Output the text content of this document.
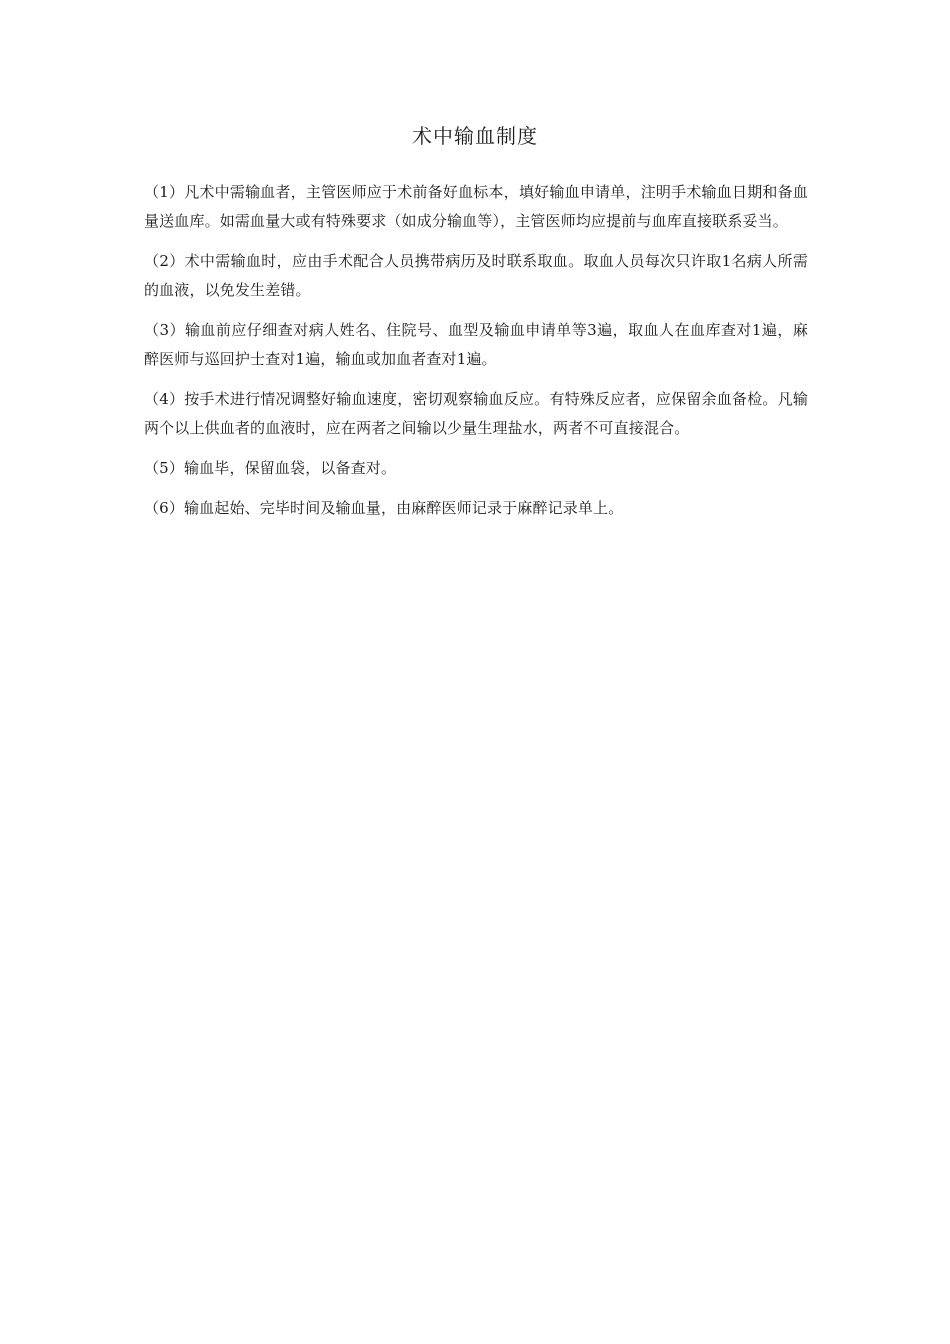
术中输血制度

（1）凡术中需输血者，主管医师应于术前备好血标本，填好输血申请单，注明手术输血日期和备血量送血库。如需血量大或有特殊要求（如成分输血等），主管医师均应提前与血库直接联系妥当。

（2）术中需输血时，应由手术配合人员携带病历及时联系取血。取血人员每次只许取1名病人所需的血液，以免发生差错。

（3）输血前应仔细查对病人姓名、住院号、血型及输血申请单等3遍，取血人在血库查对1遍，麻醉医师与巡回护士查对1遍，输血或加血者查对1遍。

（4）按手术进行情况调整好输血速度，密切观察输血反应。有特殊反应者，应保留余血备检。凡输两个以上供血者的血液时，应在两者之间输以少量生理盐水，两者不可直接混合。

（5）输血毕，保留血袋，以备查对。

（6）输血起始、完毕时间及输血量，由麻醉医师记录于麻醉记录单上。
